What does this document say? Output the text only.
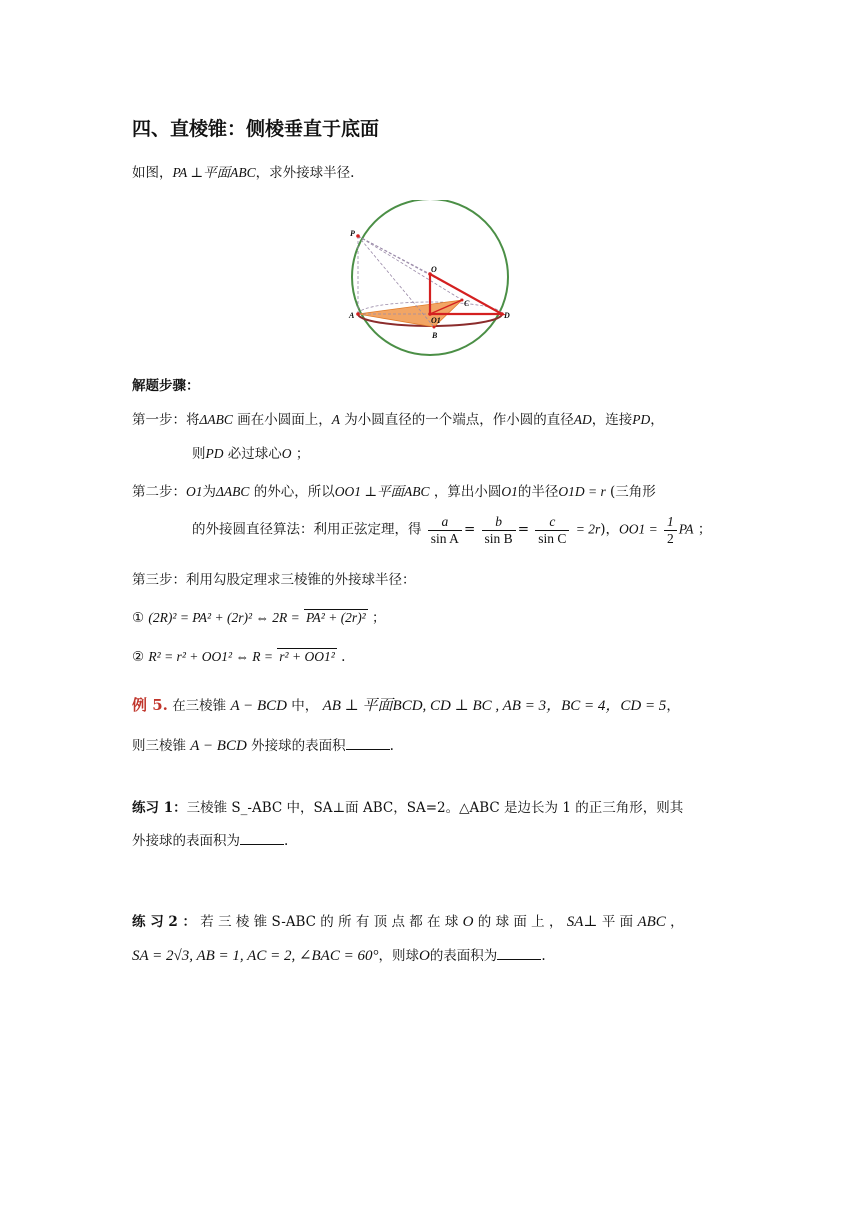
四、直棱锥：侧棱垂直于底面
如图，PA ⊥平面ABC，求外接球半径.
P
O
C
A
O1
D
B
解题步骤：
第一步：将ΔABC 画在小圆面上，A 为小圆直径的一个端点，作小圆的直径AD，连接PD，
则PD 必过球心O ；
第二步：O1为ΔABC 的外心，所以OO1 ⊥平面ABC ，算出小圆O1的半径O1D = r (三角形
的外接圆直径算法：利用正弦定理，得 $\frac{a}{\text{sin A}} = \frac{b}{\text{sin B}} = \frac{c}{\text{sin C}} = 2r$)，$OO1 = \frac{1}{2}$ PA ；
第三步：利用勾股定理求三棱锥的外接球半径：
① (2R)² = PA² + (2r)² ⇔ 2R = PA² + (2r)² ；
② R² = r² + OO1² ⇔ R = r² + OO1² .
例 5. 在三棱锥 A − BCD 中， AB ⊥ 平面BCD, CD ⊥ BC , AB = 3，BC = 4，CD = 5，
则三棱锥 A − BCD 外接球的表面积	.
练习 1：三棱锥 S_-ABC 中，SA⊥面 ABC，SA=2。△ABC 是边长为 1 的正三角形，则其
外接球的表面积为	.
练 习 2 ： 若 三 棱 锥 S-ABC 的 所 有 顶 点 都 在 球 O 的 球 面 上 ， SA⊥ 平 面 ABC ，
SA = 2√3, AB = 1, AC = 2, ∠BAC = 60°，则球O的表面积为	.
